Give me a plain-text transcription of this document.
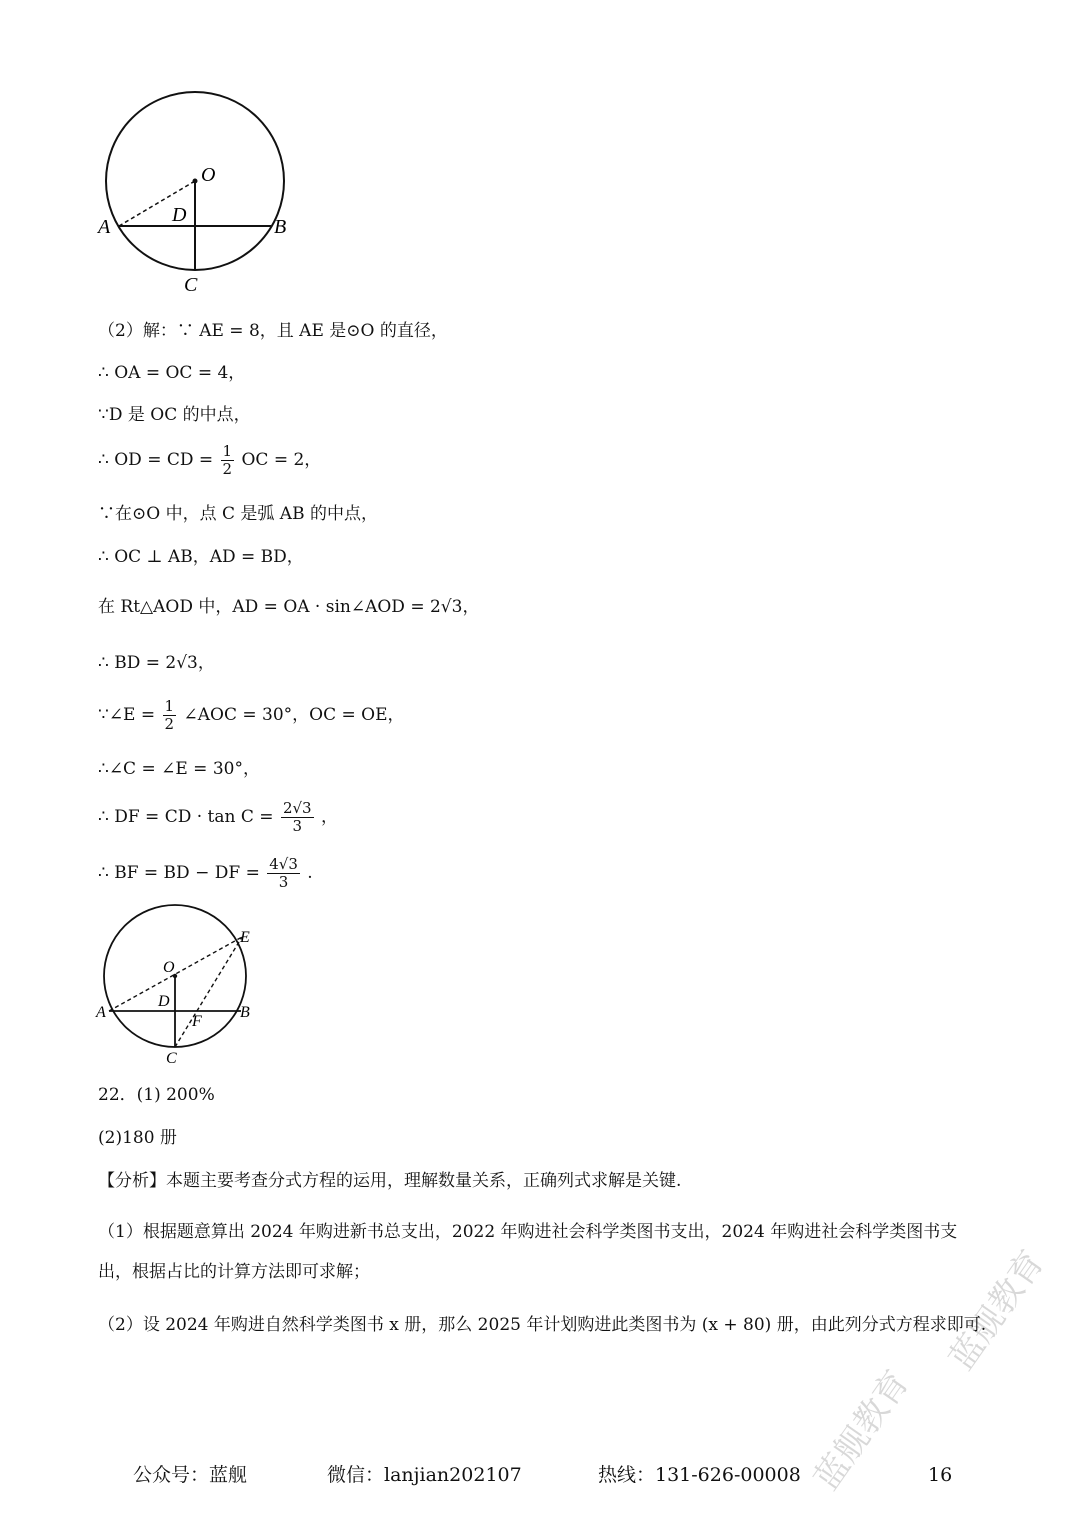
蓝舰教育
蓝舰教育
O
D
A	B
C
（2）解：∵ AE = 8，且 AE 是⊙O 的直径，
∴ OA = OC = 4，
∵D 是 OC 的中点，
∴ OD = CD = $\frac{1}{2}$ OC = 2，
∵在⊙O 中，点 C 是弧 AB 的中点，
∴ OC ⊥ AB，AD = BD，
在 Rt△AOD 中，AD = OA · sin∠AOD = 2√3，
∴ BD = 2√3，
∵∠E = $\frac{1}{2}$ ∠AOC = 30°，OC = OE，
∴∠C = ∠E = 30°，
∴ DF = CD · $\tan C = \frac{2√3}{3}$ ，
∴ BF = BD − DF = $\frac{4√3}{3}$ .
O
D
A	B
C
E
F
22．(1) 200%
(2)180 册
【分析】本题主要考查分式方程的运用，理解数量关系，正确列式求解是关键.
（1）根据题意算出 2024 年购进新书总支出，2022 年购进社会科学类图书支出，2024 年购进社会科学类图书支出，根据占比的计算方法即可求解；
（2）设 2024 年购进自然科学类图书 x 册，那么 2025 年计划购进此类图书为 (x + 80) 册，由此列分式方程求即可.
公众号：蓝舰	微信：lanjian202107	热线：131-626-00008	16
